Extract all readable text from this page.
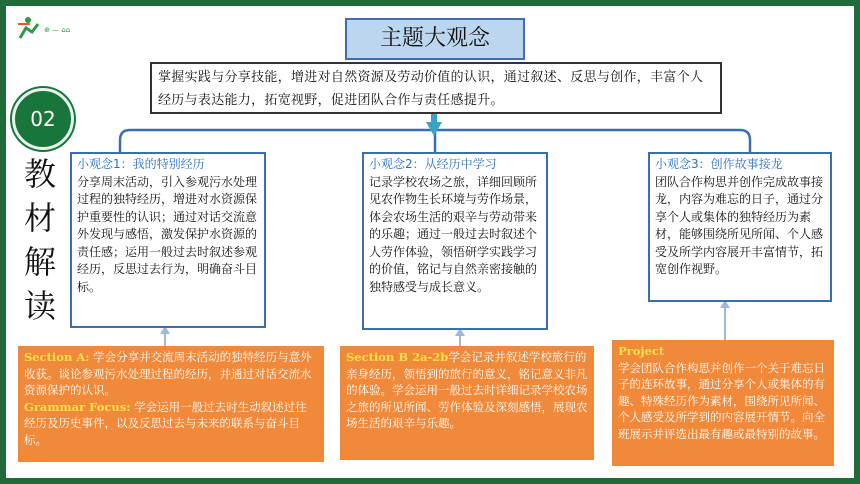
⊕ — ⌂⌂	主题大观念
掌握实践与分享技能，增进对自然资源及劳动价值的认识，通过叙述、反思与创作，丰富个人经历与表达能力，拓宽视野，促进团队合作与责任感提升。
02
教
材
解
读
小观念1：我的特别经历
分享周末活动，引入参观污水处理过程的独特经历，增进对水资源保护重要性的认识；通过对话交流意外发现与感悟，激发保护水资源的责任感；运用一般过去时叙述参观经历，反思过去行为，明确奋斗目标。
小观念2：从经历中学习
记录学校农场之旅，详细回顾所见农作物生长环境与劳作场景，体会农场生活的艰辛与劳动带来的乐趣；通过一般过去时叙述个人劳作体验，领悟研学实践学习的价值，铭记与自然亲密接触的独特感受与成长意义。
小观念3：创作故事接龙
团队合作构思并创作完成故事接龙，内容为难忘的日子，通过分享个人或集体的独特经历为素材，能够围绕所见所闻、个人感受及所学内容展开丰富情节，拓宽创作视野。
Section A: 学会分享并交流周末活动的独特经历与意外收获。谈论参观污水处理过程的经历，并通过对话交流水资源保护的认识。
Grammar Focus: 学会运用一般过去时生动叙述过往经历及历史事件，以及反思过去与未来的联系与奋斗目标。
Section B 2a-2b学会记录并叙述学校旅行的亲身经历，领悟到的旅行的意义，铭记意义非凡的体验。学会运用一般过去时详细记录学校农场之旅的所见所闻、劳作体验及深刻感悟，展现农场生活的艰辛与乐趣。
Project
学会团队合作构思并创作一个关于难忘日子的连环故事，通过分享个人或集体的有趣、特殊经历作为素材，围绕所见所闻、个人感受及所学到的内容展开情节。向全班展示并评选出最有趣或最特别的故事。
